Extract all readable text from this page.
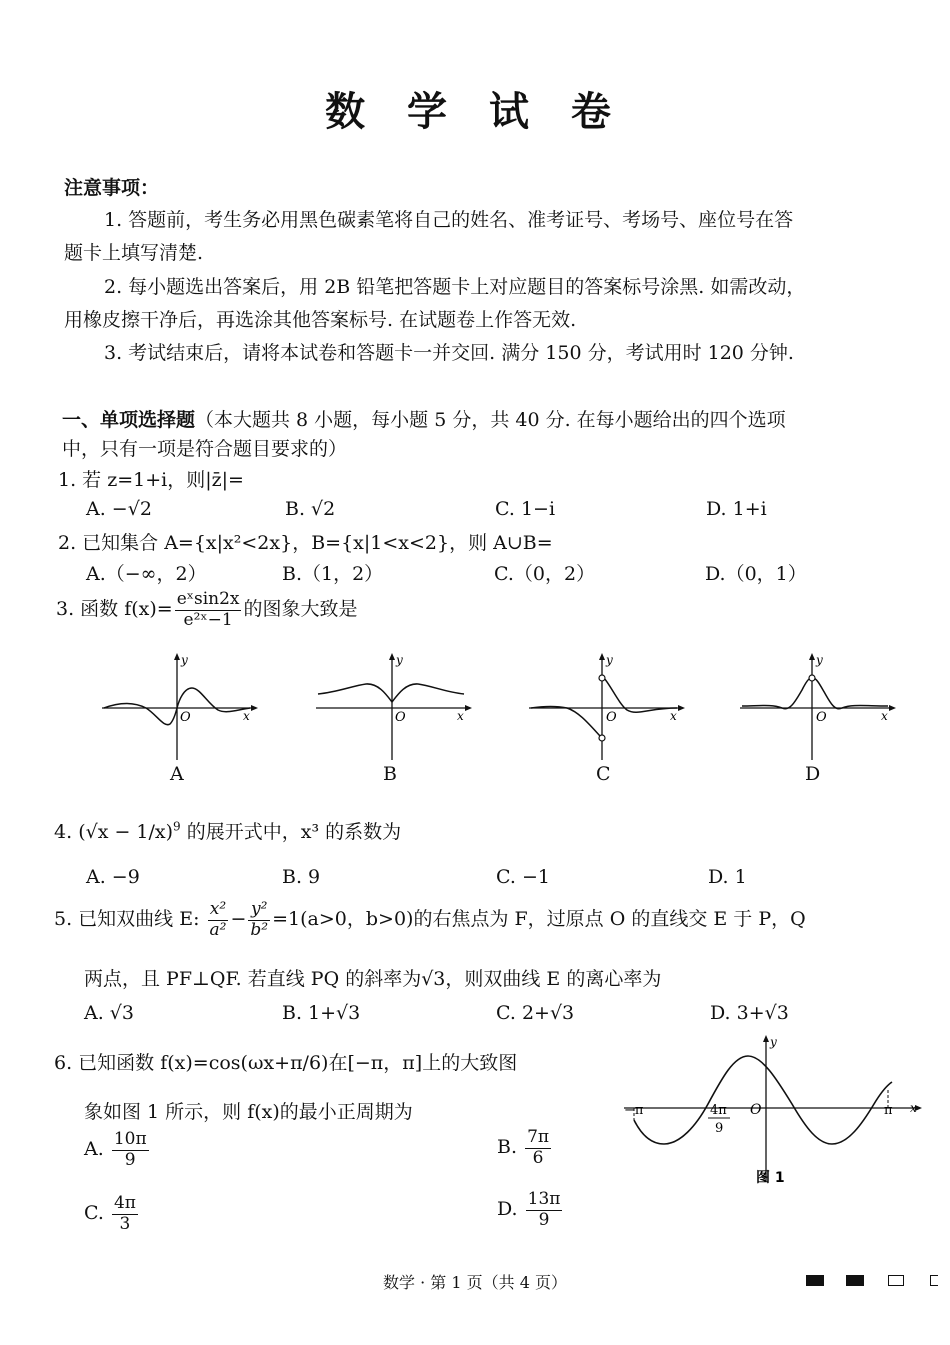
数 学 试 卷
注意事项：
1. 答题前，考生务必用黑色碳素笔将自己的姓名、准考证号、考场号、座位号在答
题卡上填写清楚.
2. 每小题选出答案后，用 2B 铅笔把答题卡上对应题目的答案标号涂黑. 如需改动，
用橡皮擦干净后，再选涂其他答案标号. 在试题卷上作答无效.
3. 考试结束后，请将本试卷和答题卡一并交回. 满分 150 分，考试用时 120 分钟.
一、单项选择题（本大题共 8 小题，每小题 5 分，共 40 分. 在每小题给出的四个选项
中，只有一项是符合题目要求的）
1. 若 z=1+i，则|z̄|=
A. −√2	B. √2	C. 1−i	D. 1+i
2. 已知集合 A={x|x²<2x}，B={x|1<x<2}，则 A∪B=
A.（−∞，2）	B.（1，2）	C.（0，2）	D.（0，1）
3. 函数 $f(x)= \frac{\text{eˣsin2x}}{\text{e²ˣ−1}}$ 的图象大致是
y
x
O
A
y
x
O
B
y
x
O
C
y
x
O
D
4. $(√x - 1/x)^9$ 的展开式中，x³ 的系数为
A. −9	B. 9	C. −1	D. 1
5. 已知双曲线 E: $\frac{\text{x²}}{\text{a²}} - \frac{\text{y²}}{\text{b²}} =1(a>0$，b>0)的右焦点为 F，过原点 O 的直线交 E 于 P，Q
两点，且 PF⊥QF. 若直线 PQ 的斜率为√3，则双曲线 E 的离心率为
A. √3	B. 1+√3	C. 2+√3	D. 3+√3
6. 已知函数 f(x)=cos(ωx+π/6)在[−π，π]上的大致图
象如图 1 所示，则 f(x)的最小正周期为
A. $\frac{10\pi}{9}$	B. $\frac{7\pi}{6}$
C. $\frac{4\pi}{3}$	D. $\frac{13\pi}{9}$
−π	4π
9
O	π x
y
图 1
数学 · 第 1 页（共 4 页）
